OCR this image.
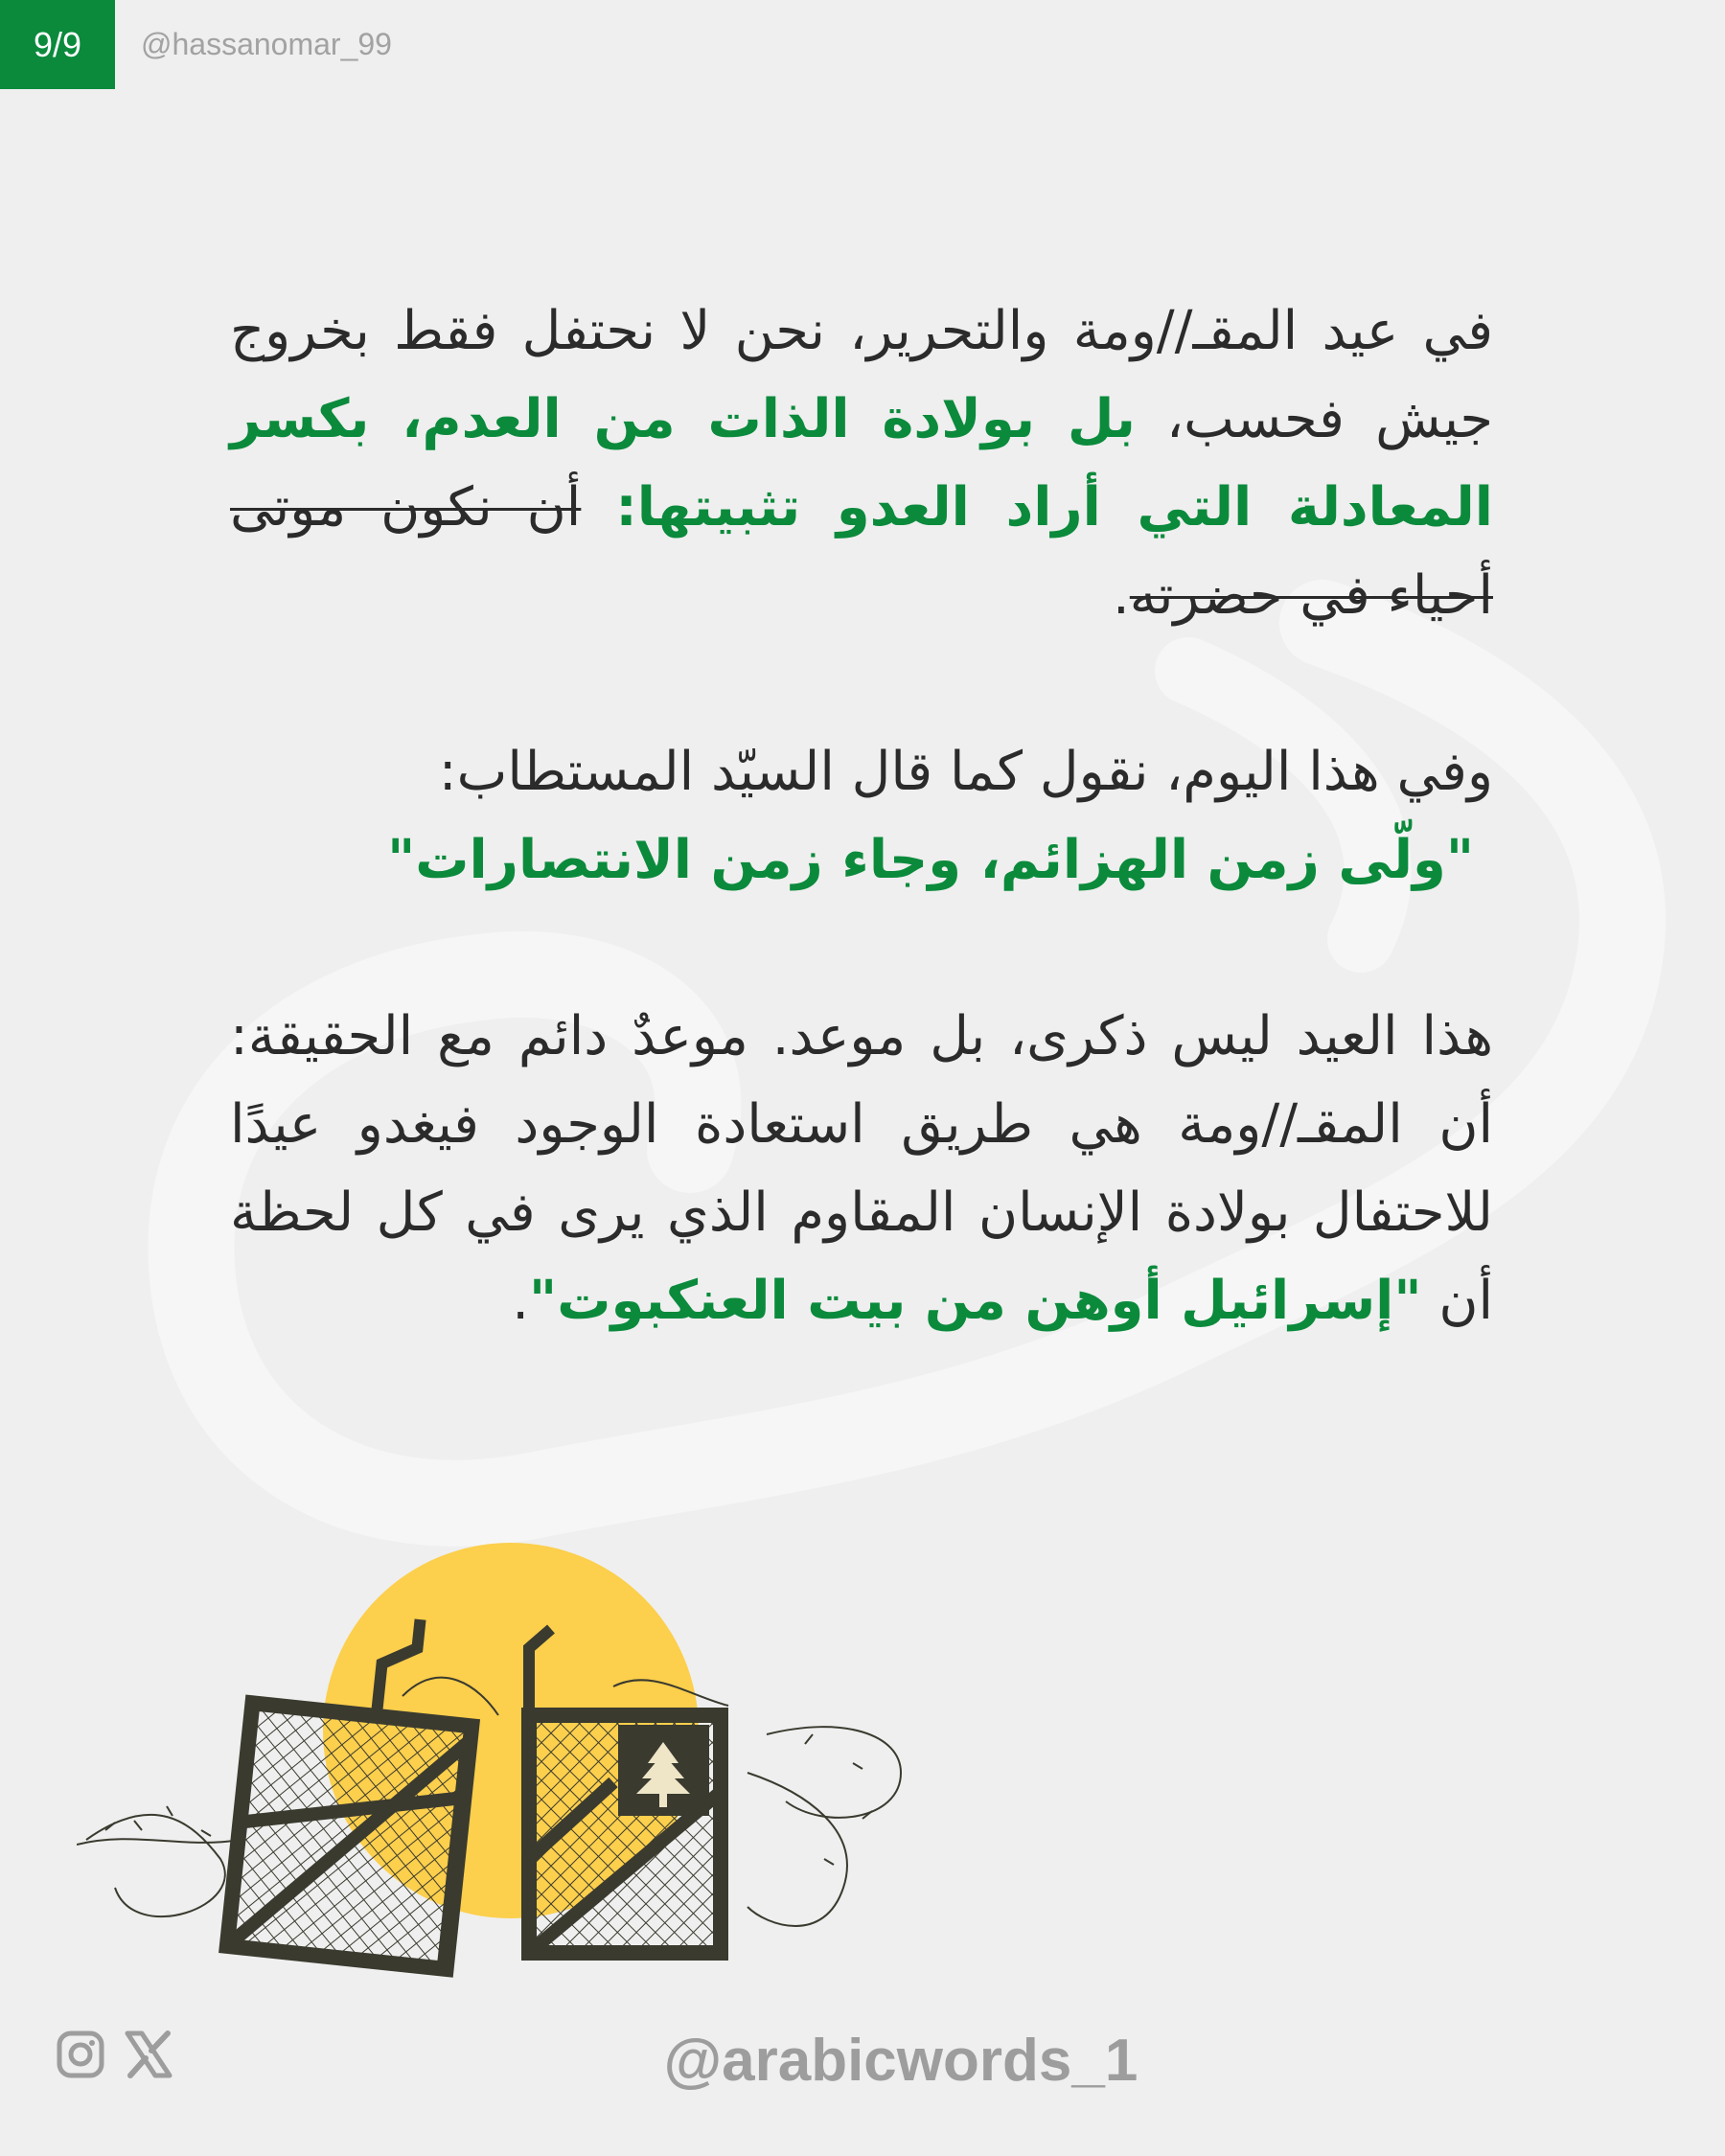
9/9	@hassanomar_99

في عيد المقـ//ومة والتحرير، نحن لا نحتفل فقط بخروج جيش فحسب، بل بولادة الذات من العدم، بكسر المعادلة التي أراد العدو تثبيتها: أن نكون موتى أحياء في حضرته.

وفي هذا اليوم، نقول كما قال السيّد المستطاب:

"ولّى زمن الهزائم، وجاء زمن الانتصارات"

هذا العيد ليس ذكرى، بل موعد. موعدٌ دائم مع الحقيقة: أن المقـ//ومة هي طريق استعادة الوجود فيغدو عيدًا للاحتفال بولادة الإنسان المقاوم الذي يرى في كل لحظة أن "إسرائيل أوهن من بيت العنكبوت".

@arabicwords_1
